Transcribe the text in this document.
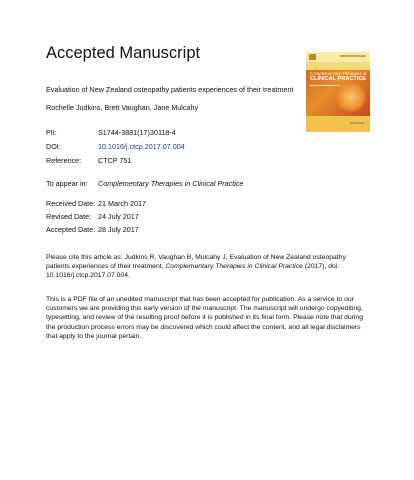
Accepted Manuscript
Complementary Therapies in
CLINICAL PRACTICE
Evaluation of New Zealand osteopathy patients experiences of their treatment
Rochelle Judkins, Brett Vaughan, Jane Mulcahy
PII:	S1744-3881(17)30118-4
DOI:	10.1016/j.ctcp.2017.07.004
Reference: CTCP 751
To appear in: Complementary Therapies in Clinical Practice
Received Date: 21 March 2017
Revised Date: 24 July 2017
Accepted Date: 28 July 2017

Please cite this article as: Judkins R, Vaughan B, Mulcahy J, Evaluation of New Zealand osteopathy patients experiences of their treatment, Complementary Therapies in Clinical Practice (2017), doi: 10.1016/j.ctcp.2017.07.004.

This is a PDF file of an unedited manuscript that has been accepted for publication. As a service to our customers we are providing this early version of the manuscript. The manuscript will undergo copyediting, typesetting, and review of the resulting proof before it is published in its final form. Please note that during the production process errors may be discovered which could affect the content, and all legal disclaimers that apply to the journal pertain.
